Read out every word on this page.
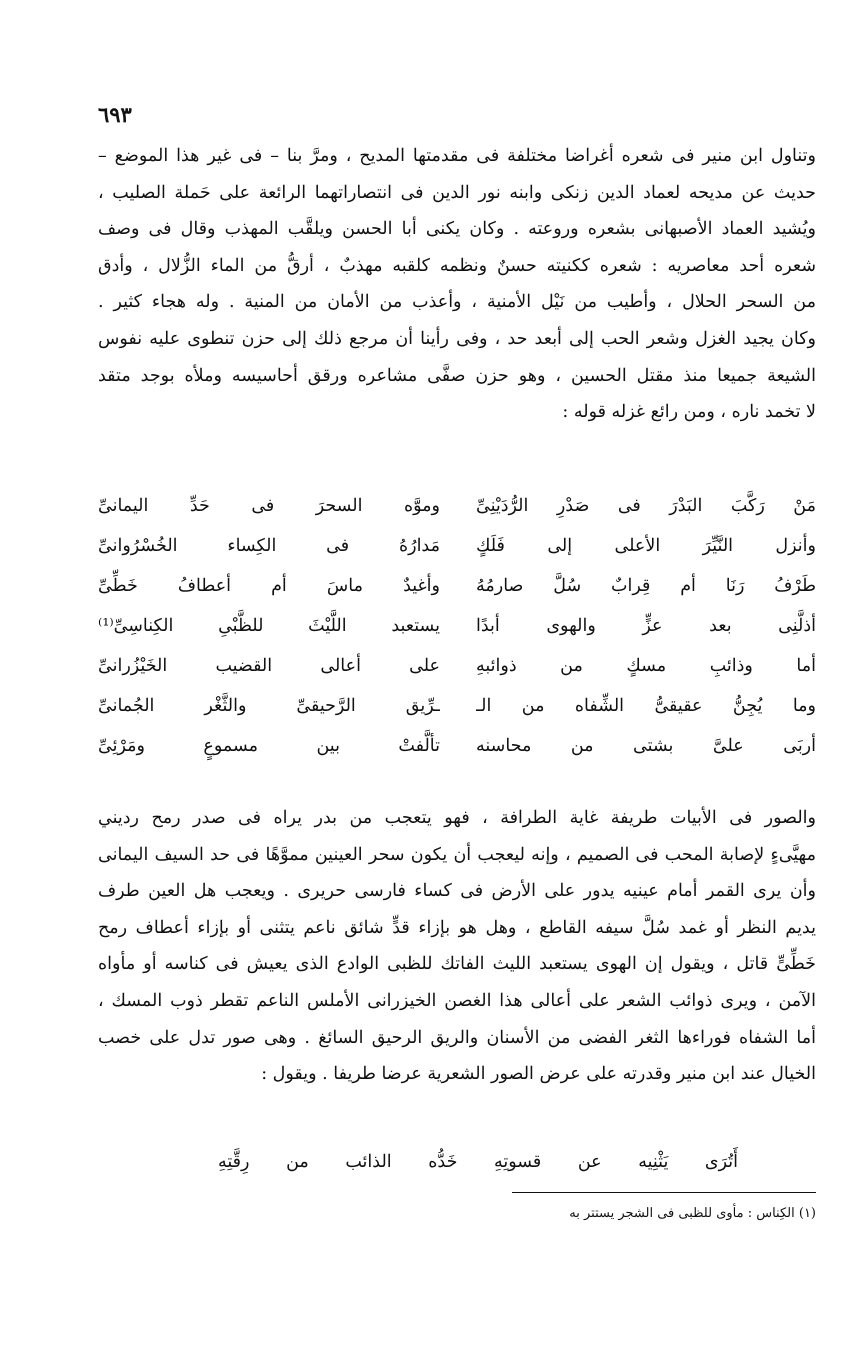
٦٩٣

وتناول ابن منير فى شعره أغراضا مختلفة فى مقدمتها المديح ، ومرَّ بنا – فى غير هذا الموضع –

حديث عن مديحه لعماد الدين زنكى وابنه نور الدين فى انتصاراتهما الرائعة على حَملة الصليب ،

ويُشيد العماد الأصبهانى بشعره وروعته . وكان يكنى أبا الحسن ويلقَّب المهذب وقال فى وصف

شعره أحد معاصريه : شعره ككنيته حسنٌ ونظمه كلقبه مهذبٌ ، أرقُّ من الماء الزُّلال ، وأدق

من السحر الحلال ، وأطيب من نَيْل الأمنية ، وأعذب من الأمان من المنية . وله هجاء كثير .

وكان يجيد الغزل وشعر الحب إلى أبعد حد ، وفى رأينا أن مرجع ذلك إلى حزن تنطوى عليه نفوس

الشيعة جميعا منذ مقتل الحسين ، وهو حزن صفَّى مشاعره ورقق أحاسيسه وملأه بوجد متقد

لا تخمد ناره ، ومن رائع غزله قوله :

مَنْ رَكَّبَ البَدْرَ فى صَدْرِ الرُّدَيْنِىِّ
وموَّه السحرَ فى حَدِّ اليمانىِّ
وأنزل النَّيِّرَ الأعلى إلى فَلَكٍ
مَدارُهُ فى الكِساء الخُسْرُوانىِّ
طَرْفُ رَنَا أم قِرابٌ سُلَّ صارمُهُ
وأغيدٌ ماسَ أم أعطافُ خَطِّىِّ
أذلَّنِى بعد عزٍّ والهوى أبدًا
يستعبد اللَّيْثَ للظَّبْىِ الكِناسِىِّ⁽¹⁾
أما وذائبِ مسكٍ من ذوائبهِ
على أعالى القضيب الخَيْزُرانىِّ
وما يُجِنُّ عقيقىُّ الشِّفاه من الـ
ـرِّيق الرَّحيقىِّ والثَّغْر الجُمانىِّ
أربَى علىَّ بشتى من محاسنه
تألَّفتْ بين مسموعٍ ومَرْئِىِّ

والصور فى الأبيات طريفة غاية الطرافة ، فهو يتعجب من بدر يراه فى صدر رمح رديني

مهيَّىءٍ لإصابة المحب فى الصميم ، وإنه ليعجب أن يكون سحر العينين مموَّهًا فى حد السيف اليمانى

وأن يرى القمر أمام عينيه يدور على الأرض فى كساء فارسى حريرى . ويعجب هل العين طرف

يديم النظر أو غمد سُلَّ سيفه القاطع ، وهل هو بإزاء قدٍّ شائق ناعم يتثنى أو بإزاء أعطاف رمح

خَطِّىٍّ قاتل ، ويقول إن الهوى يستعبد الليث الفاتك للظبى الوادع الذى يعيش فى كناسه أو مأواه

الآمن ، ويرى ذوائب الشعر على أعالى هذا الغصن الخيزرانى الأملس الناعم تقطر ذوب المسك ،

أما الشفاه فوراءها الثغر الفضى من الأسنان والريق الرحيق السائغ . وهى صور تدل على خصب

الخيال عند ابن منير وقدرته على عرض الصور الشعرية عرضا طريفا . ويقول :

أَتُرَى يَثْنِيه عن قسوتِهِ خَدُّه الذائب من رِقَّتِهِ
(١) الكِناس : مأوى للظبى فى الشجر يستتر به
